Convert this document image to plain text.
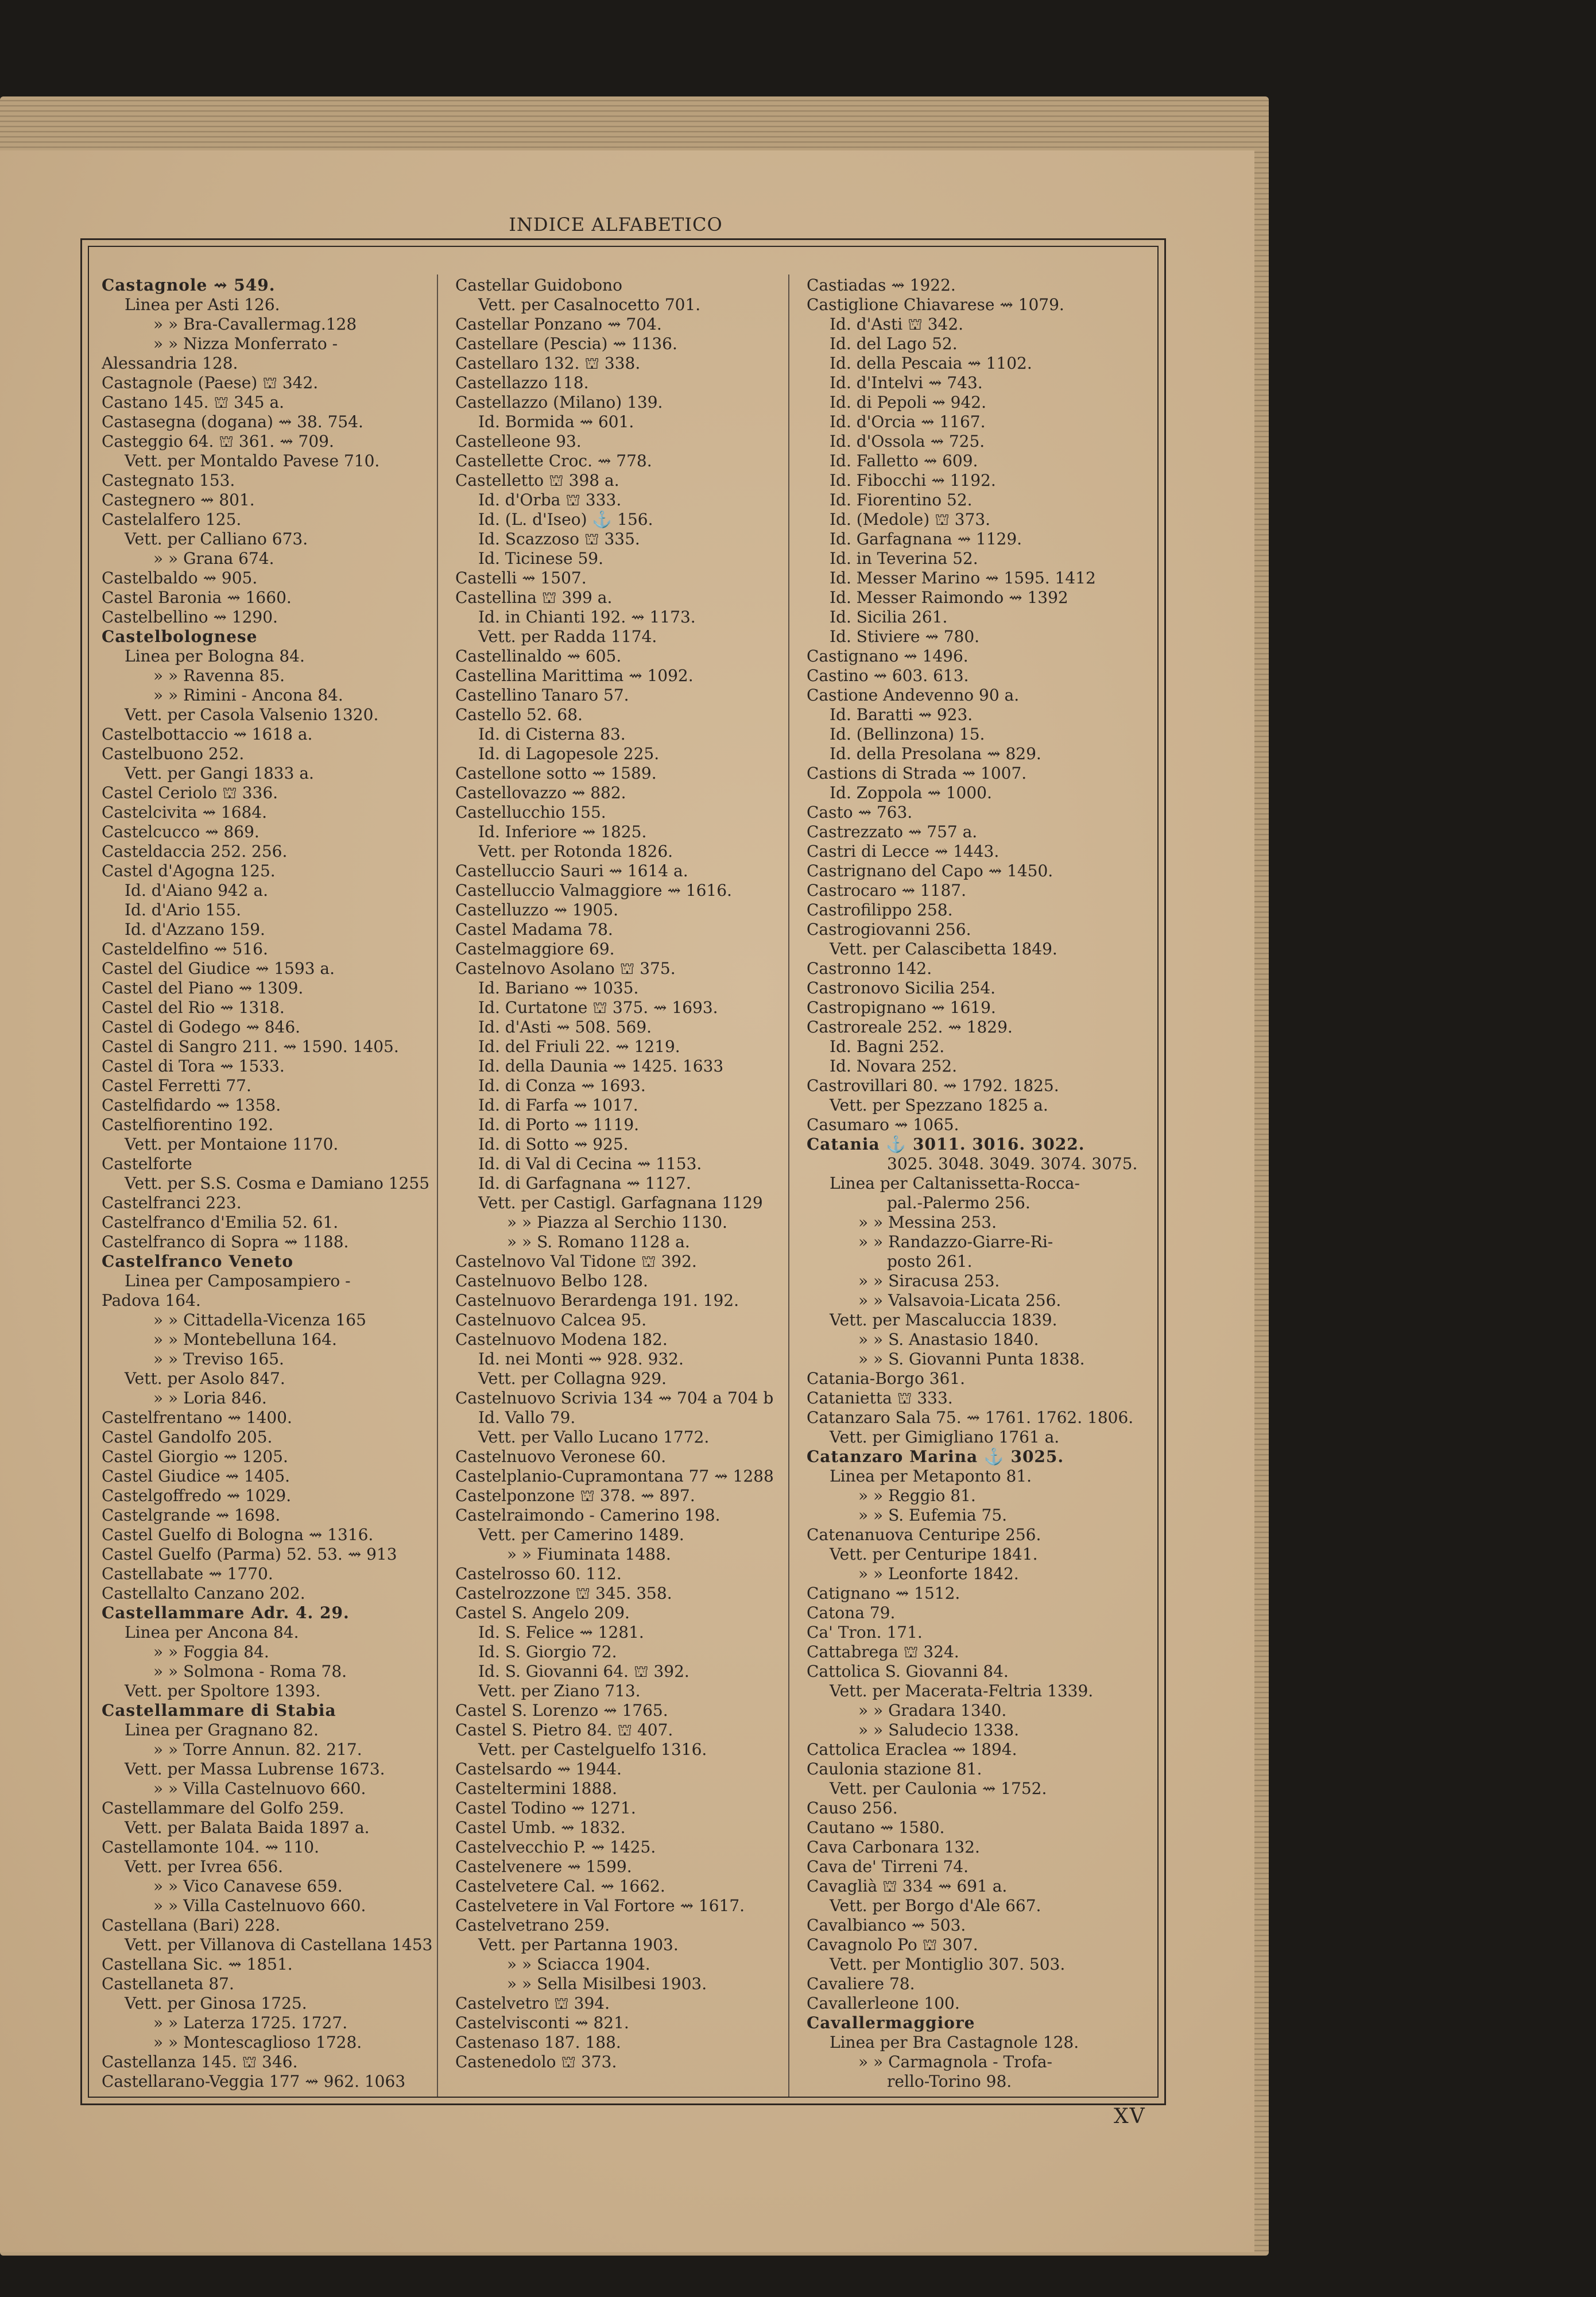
INDICE ALFABETICO
Castagnole ⇝ 549.
Linea per Asti 126.
» » Bra-Cavallermag.128
» » Nizza Monferrato -
Alessandria 128.
Castagnole (Paese) ⛫ 342.
Castano 145. ⛫ 345 a.
Castasegna (dogana) ⇝ 38. 754.
Casteggio 64. ⛫ 361. ⇝ 709.
Vett. per Montaldo Pavese 710.
Castegnato 153.
Castegnero ⇝ 801.
Castelalfero 125.
Vett. per Calliano 673.
» » Grana 674.
Castelbaldo ⇝ 905.
Castel Baronia ⇝ 1660.
Castelbellino ⇝ 1290.
Castelbolognese
Linea per Bologna 84.
» » Ravenna 85.
» » Rimini - Ancona 84.
Vett. per Casola Valsenio 1320.
Castelbottaccio ⇝ 1618 a.
Castelbuono 252.
Vett. per Gangi 1833 a.
Castel Ceriolo ⛫ 336.
Castelcivita ⇝ 1684.
Castelcucco ⇝ 869.
Casteldaccia 252. 256.
Castel d'Agogna 125.
Id. d'Aiano 942 a.
Id. d'Ario 155.
Id. d'Azzano 159.
Casteldelfino ⇝ 516.
Castel del Giudice ⇝ 1593 a.
Castel del Piano ⇝ 1309.
Castel del Rio ⇝ 1318.
Castel di Godego ⇝ 846.
Castel di Sangro 211. ⇝ 1590. 1405.
Castel di Tora ⇝ 1533.
Castel Ferretti 77.
Castelfidardo ⇝ 1358.
Castelfiorentino 192.
Vett. per Montaione 1170.
Castelforte
Vett. per S.S. Cosma e Damiano 1255
Castelfranci 223.
Castelfranco d'Emilia 52. 61.
Castelfranco di Sopra ⇝ 1188.
Castelfranco Veneto
Linea per Camposampiero -
Padova 164.
» » Cittadella-Vicenza 165
» » Montebelluna 164.
» » Treviso 165.
Vett. per Asolo 847.
» » Loria 846.
Castelfrentano ⇝ 1400.
Castel Gandolfo 205.
Castel Giorgio ⇝ 1205.
Castel Giudice ⇝ 1405.
Castelgoffredo ⇝ 1029.
Castelgrande ⇝ 1698.
Castel Guelfo di Bologna ⇝ 1316.
Castel Guelfo (Parma) 52. 53. ⇝ 913
Castellabate ⇝ 1770.
Castellalto Canzano 202.
Castellammare Adr. 4. 29.
Linea per Ancona 84.
» » Foggia 84.
» » Solmona - Roma 78.
Vett. per Spoltore 1393.
Castellammare di Stabia
Linea per Gragnano 82.
» » Torre Annun. 82. 217.
Vett. per Massa Lubrense 1673.
» » Villa Castelnuovo 660.
Castellammare del Golfo 259.
Vett. per Balata Baida 1897 a.
Castellamonte 104. ⇝ 110.
Vett. per Ivrea 656.
» » Vico Canavese 659.
» » Villa Castelnuovo 660.
Castellana (Bari) 228.
Vett. per Villanova di Castellana 1453
Castellana Sic. ⇝ 1851.
Castellaneta 87.
Vett. per Ginosa 1725.
» » Laterza 1725. 1727.
» » Montescaglioso 1728.
Castellanza 145. ⛫ 346.
Castellarano-Veggia 177 ⇝ 962. 1063
Castellar Guidobono
Vett. per Casalnocetto 701.
Castellar Ponzano ⇝ 704.
Castellare (Pescia) ⇝ 1136.
Castellaro 132. ⛫ 338.
Castellazzo 118.
Castellazzo (Milano) 139.
Id. Bormida ⇝ 601.
Castelleone 93.
Castellette Croc. ⇝ 778.
Castelletto ⛫ 398 a.
Id. d'Orba ⛫ 333.
Id. (L. d'Iseo) ⚓ 156.
Id. Scazzoso ⛫ 335.
Id. Ticinese 59.
Castelli ⇝ 1507.
Castellina ⛫ 399 a.
Id. in Chianti 192. ⇝ 1173.
Vett. per Radda 1174.
Castellinaldo ⇝ 605.
Castellina Marittima ⇝ 1092.
Castellino Tanaro 57.
Castello 52. 68.
Id. di Cisterna 83.
Id. di Lagopesole 225.
Castellone sotto ⇝ 1589.
Castellovazzo ⇝ 882.
Castellucchio 155.
Id. Inferiore ⇝ 1825.
Vett. per Rotonda 1826.
Castelluccio Sauri ⇝ 1614 a.
Castelluccio Valmaggiore ⇝ 1616.
Castelluzzo ⇝ 1905.
Castel Madama 78.
Castelmaggiore 69.
Castelnovo Asolano ⛫ 375.
Id. Bariano ⇝ 1035.
Id. Curtatone ⛫ 375. ⇝ 1693.
Id. d'Asti ⇝ 508. 569.
Id. del Friuli 22. ⇝ 1219.
Id. della Daunia ⇝ 1425. 1633
Id. di Conza ⇝ 1693.
Id. di Farfa ⇝ 1017.
Id. di Porto ⇝ 1119.
Id. di Sotto ⇝ 925.
Id. di Val di Cecina ⇝ 1153.
Id. di Garfagnana ⇝ 1127.
Vett. per Castigl. Garfagnana 1129
» » Piazza al Serchio 1130.
» » S. Romano 1128 a.
Castelnovo Val Tidone ⛫ 392.
Castelnuovo Belbo 128.
Castelnuovo Berardenga 191. 192.
Castelnuovo Calcea 95.
Castelnuovo Modena 182.
Id. nei Monti ⇝ 928. 932.
Vett. per Collagna 929.
Castelnuovo Scrivia 134 ⇝ 704 a 704 b
Id. Vallo 79.
Vett. per Vallo Lucano 1772.
Castelnuovo Veronese 60.
Castelplanio-Cupramontana 77 ⇝ 1288
Castelponzone ⛫ 378. ⇝ 897.
Castelraimondo - Camerino 198.
Vett. per Camerino 1489.
» » Fiuminata 1488.
Castelrosso 60. 112.
Castelrozzone ⛫ 345. 358.
Castel S. Angelo 209.
Id. S. Felice ⇝ 1281.
Id. S. Giorgio 72.
Id. S. Giovanni 64. ⛫ 392.
Vett. per Ziano 713.
Castel S. Lorenzo ⇝ 1765.
Castel S. Pietro 84. ⛫ 407.
Vett. per Castelguelfo 1316.
Castelsardo ⇝ 1944.
Casteltermini 1888.
Castel Todino ⇝ 1271.
Castel Umb. ⇝ 1832.
Castelvecchio P. ⇝ 1425.
Castelvenere ⇝ 1599.
Castelvetere Cal. ⇝ 1662.
Castelvetere in Val Fortore ⇝ 1617.
Castelvetrano 259.
Vett. per Partanna 1903.
» » Sciacca 1904.
» » Sella Misilbesi 1903.
Castelvetro ⛫ 394.
Castelvisconti ⇝ 821.
Castenaso 187. 188.
Castenedolo ⛫ 373.
Castiadas ⇝ 1922.
Castiglione Chiavarese ⇝ 1079.
Id. d'Asti ⛫ 342.
Id. del Lago 52.
Id. della Pescaia ⇝ 1102.
Id. d'Intelvi ⇝ 743.
Id. di Pepoli ⇝ 942.
Id. d'Orcia ⇝ 1167.
Id. d'Ossola ⇝ 725.
Id. Falletto ⇝ 609.
Id. Fibocchi ⇝ 1192.
Id. Fiorentino 52.
Id. (Medole) ⛫ 373.
Id. Garfagnana ⇝ 1129.
Id. in Teverina 52.
Id. Messer Marino ⇝ 1595. 1412
Id. Messer Raimondo ⇝ 1392
Id. Sicilia 261.
Id. Stiviere ⇝ 780.
Castignano ⇝ 1496.
Castino ⇝ 603. 613.
Castione Andevenno 90 a.
Id. Baratti ⇝ 923.
Id. (Bellinzona) 15.
Id. della Presolana ⇝ 829.
Castions di Strada ⇝ 1007.
Id. Zoppola ⇝ 1000.
Casto ⇝ 763.
Castrezzato ⇝ 757 a.
Castri di Lecce ⇝ 1443.
Castrignano del Capo ⇝ 1450.
Castrocaro ⇝ 1187.
Castrofilippo 258.
Castrogiovanni 256.
Vett. per Calascibetta 1849.
Castronno 142.
Castronovo Sicilia 254.
Castropignano ⇝ 1619.
Castroreale 252. ⇝ 1829.
Id. Bagni 252.
Id. Novara 252.
Castrovillari 80. ⇝ 1792. 1825.
Vett. per Spezzano 1825 a.
Casumaro ⇝ 1065.
Catania ⚓ 3011. 3016. 3022.
3025. 3048. 3049. 3074. 3075.
Linea per Caltanissetta-Rocca-
pal.-Palermo 256.
» » Messina 253.
» » Randazzo-Giarre-Ri-
posto 261.
» » Siracusa 253.
» » Valsavoia-Licata 256.
Vett. per Mascaluccia 1839.
» » S. Anastasio 1840.
» » S. Giovanni Punta 1838.
Catania-Borgo 361.
Catanietta ⛫ 333.
Catanzaro Sala 75. ⇝ 1761. 1762. 1806.
Vett. per Gimigliano 1761 a.
Catanzaro Marina ⚓ 3025.
Linea per Metaponto 81.
» » Reggio 81.
» » S. Eufemia 75.
Catenanuova Centuripe 256.
Vett. per Centuripe 1841.
» » Leonforte 1842.
Catignano ⇝ 1512.
Catona 79.
Ca' Tron. 171.
Cattabrega ⛫ 324.
Cattolica S. Giovanni 84.
Vett. per Macerata-Feltria 1339.
» » Gradara 1340.
» » Saludecio 1338.
Cattolica Eraclea ⇝ 1894.
Caulonia stazione 81.
Vett. per Caulonia ⇝ 1752.
Causo 256.
Cautano ⇝ 1580.
Cava Carbonara 132.
Cava de' Tirreni 74.
Cavaglià ⛫ 334 ⇝ 691 a.
Vett. per Borgo d'Ale 667.
Cavalbianco ⇝ 503.
Cavagnolo Po ⛫ 307.
Vett. per Montiglio 307. 503.
Cavaliere 78.
Cavallerleone 100.
Cavallermaggiore
Linea per Bra Castagnole 128.
» » Carmagnola - Trofa-
rello-Torino 98.
XV
